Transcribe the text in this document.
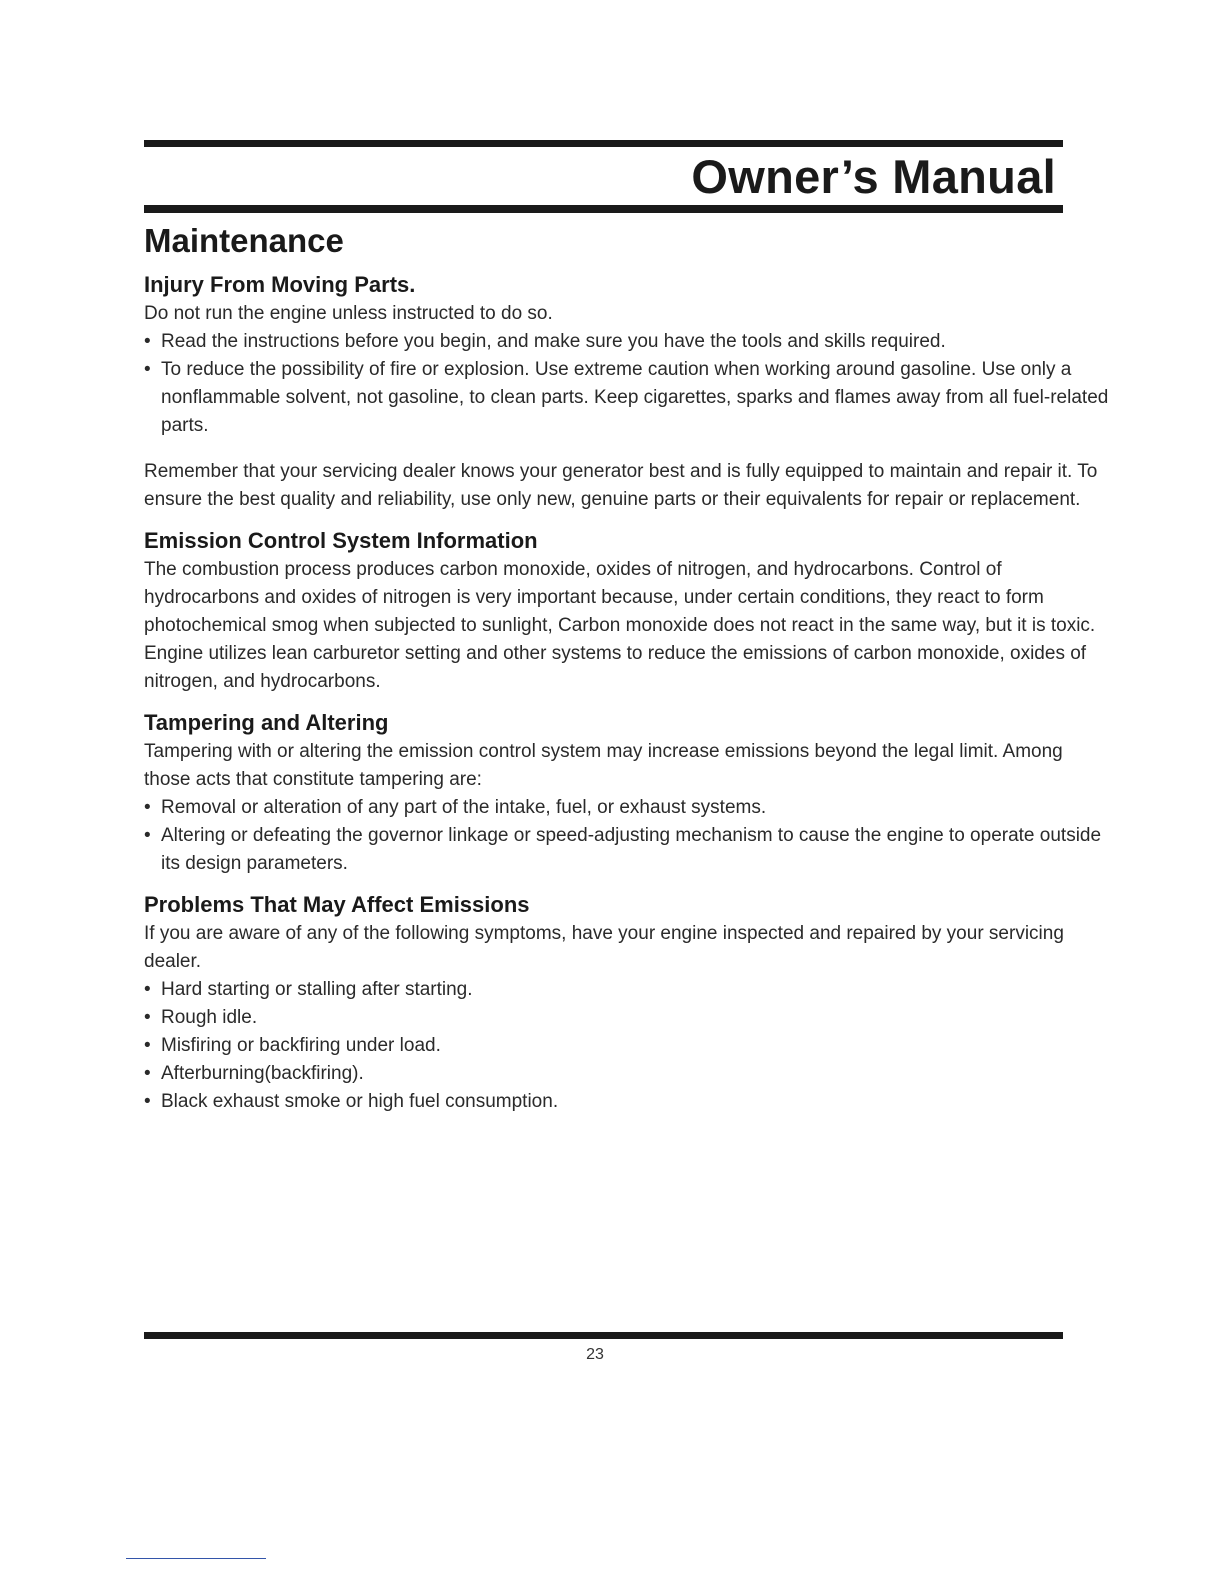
Owner’s Manual
Maintenance
Injury From Moving Parts.

Do not run the engine unless instructed to do so.

• Read the instructions before you begin, and make sure you have the tools and skills required.
• To reduce the possibility of fire or explosion. Use extreme caution when working around gasoline. Use only a nonflammable solvent, not gasoline, to clean parts. Keep cigarettes, sparks and flames away from all fuel-related parts.

Remember that your servicing dealer knows your generator best and is fully equipped to maintain and repair it. To ensure the best quality and reliability, use only new, genuine parts or their equivalents for repair or replacement.

Emission Control System Information

The combustion process produces carbon monoxide, oxides of nitrogen, and hydrocarbons. Control of hydrocarbons and oxides of nitrogen is very important because, under certain conditions, they react to form photochemical smog when subjected to sunlight, Carbon monoxide does not react in the same way, but it is toxic. Engine utilizes lean carburetor setting and other systems to reduce the emissions of carbon monoxide, oxides of nitrogen, and hydrocarbons.

Tampering and Altering

Tampering with or altering the emission control system may increase emissions beyond the legal limit. Among those acts that constitute tampering are:

• Removal or alteration of any part of the intake, fuel, or exhaust systems.
• Altering or defeating the governor linkage or speed-adjusting mechanism to cause the engine to operate outside its design parameters.
Problems That May Affect Emissions

If you are aware of any of the following symptoms, have your engine inspected and repaired by your servicing dealer.

• Hard starting or stalling after starting.
• Rough idle.
• Misfiring or backfiring under load.
• Afterburning(backfiring).
• Black exhaust smoke or high fuel consumption.
23
